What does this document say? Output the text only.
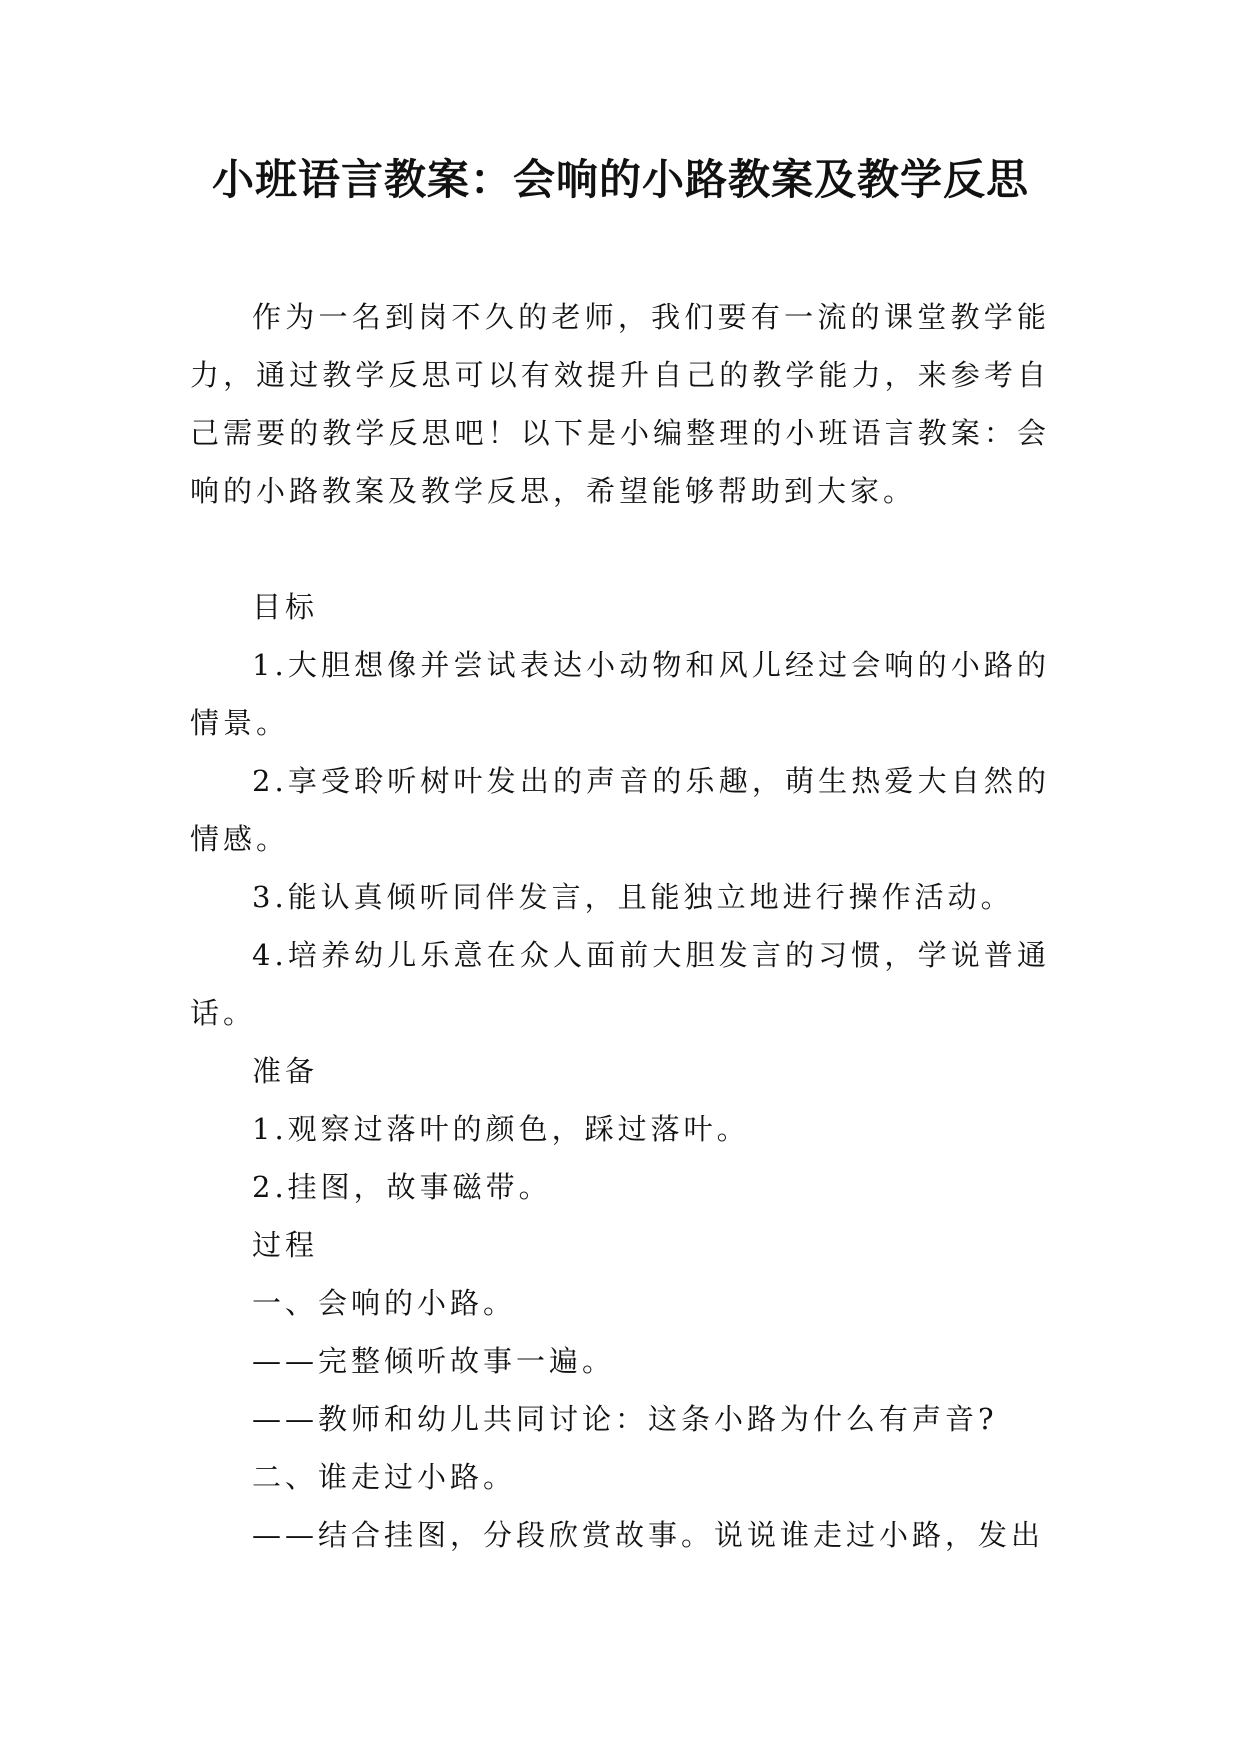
小班语言教案：会响的小路教案及教学反思

作为一名到岗不久的老师，我们要有一流的课堂教学能力，通过教学反思可以有效提升自己的教学能力，来参考自己需要的教学反思吧！以下是小编整理的小班语言教案：会响的小路教案及教学反思，希望能够帮助到大家。

目标

1.大胆想像并尝试表达小动物和风儿经过会响的小路的情景。

2.享受聆听树叶发出的声音的乐趣，萌生热爱大自然的情感。

3.能认真倾听同伴发言，且能独立地进行操作活动。

4.培养幼儿乐意在众人面前大胆发言的习惯，学说普通话。

准备

1.观察过落叶的颜色，踩过落叶。

2.挂图，故事磁带。

过程

一、会响的小路。

——完整倾听故事一遍。

——教师和幼儿共同讨论：这条小路为什么有声音?

二、谁走过小路。

——结合挂图，分段欣赏故事。说说谁走过小路，发出
